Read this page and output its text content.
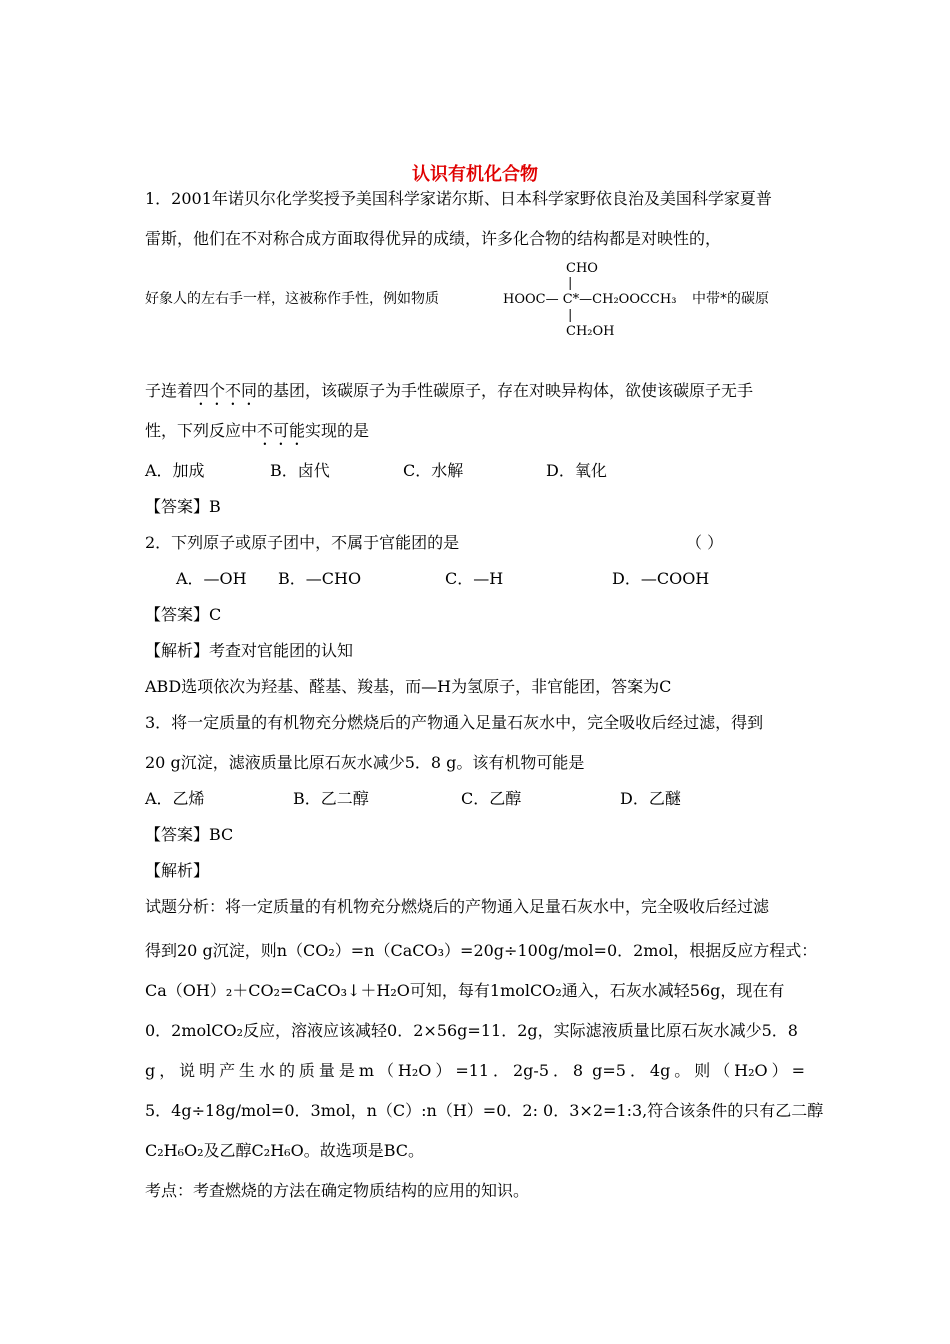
认识有机化合物
1．2001年诺贝尔化学奖授予美国科学家诺尔斯、日本科学家野依良治及美国科学家夏普
雷斯，他们在不对称合成方面取得优异的成绩，许多化合物的结构都是对映性的，
好象人的左右手一样，这被称作手性，例如物质
CHO
|
HOOC— C*—CH₂OOCCH₃
|
CH₂OH
中带*的碳原
子连着四个不同的基团，该碳原子为手性碳原子，存在对映异构体，欲使该碳原子无手
性，下列反应中不可能实现的是
A．加成	B．卤代	C．水解	D．氧化
【答案】B
2．下列原子或原子团中，不属于官能团的是	（ ）
A．—OH B．—CHO	C．—H	D．—COOH
【答案】C
【解析】考查对官能团的认知
ABD选项依次为羟基、醛基、羧基，而—H为氢原子，非官能团，答案为C
3．将一定质量的有机物充分燃烧后的产物通入足量石灰水中，完全吸收后经过滤，得到
20 g沉淀，滤液质量比原石灰水减少5．8 g。该有机物可能是
A．乙烯	B．乙二醇	C．乙醇	D．乙醚
【答案】BC
【解析】
试题分析：将一定质量的有机物充分燃烧后的产物通入足量石灰水中，完全吸收后经过滤
得到20 g沉淀，则n（CO₂）=n（CaCO₃）=20g÷100g/mol=0．2mol，根据反应方程式：
Ca（OH）₂＋CO₂=CaCO₃↓＋H₂O可知，每有1molCO₂通入，石灰水减轻56g，现在有
0．2molCO₂反应，溶液应该减轻0．2×56g=11．2g，实际滤液质量比原石灰水减少5．8
g，说明产生水的质量是m（H₂O）=11．2g-5．8 g=5．4g。则（H₂O）=
5．4g÷18g/mol=0．3mol，n（C）:n（H）=0．2: 0．3×2=1:3,符合该条件的只有乙二醇
C₂H₆O₂及乙醇C₂H₆O。故选项是BC。
考点：考查燃烧的方法在确定物质结构的应用的知识。
